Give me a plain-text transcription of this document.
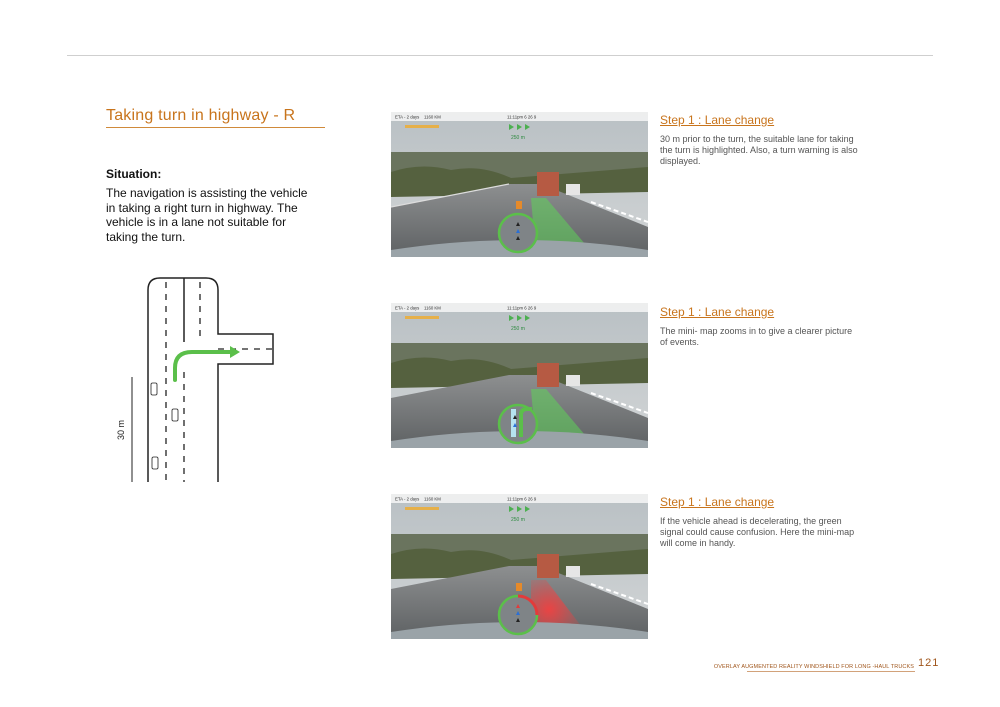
Taking turn in highway - R
Situation:
The navigation is assisting the vehicle in taking a right turn in highway. The vehicle is in a lane not suitable for taking the turn.
30 m
ETA - 2 days 1160 KM	11:11pm 6 26 9
250 m
ETA - 2 days 1160 KM	11:11pm 6 26 9
250 m
ETA - 2 days 1160 KM	11:11pm 6 26 9
250 m
Step 1 : Lane change
30 m prior to the turn, the suitable lane for taking the turn is highlighted. Also, a turn warning is also displayed.
Step 1 : Lane change
The mini- map zooms in to give a clearer picture of events.
Step 1 : Lane change
If the vehicle ahead is decelerating, the green signal could cause confusion. Here the mini-map will come in handy.
OVERLAY AUGMENTED REALITY WINDSHIELD FOR LONG -HAUL TRUCKS 121
